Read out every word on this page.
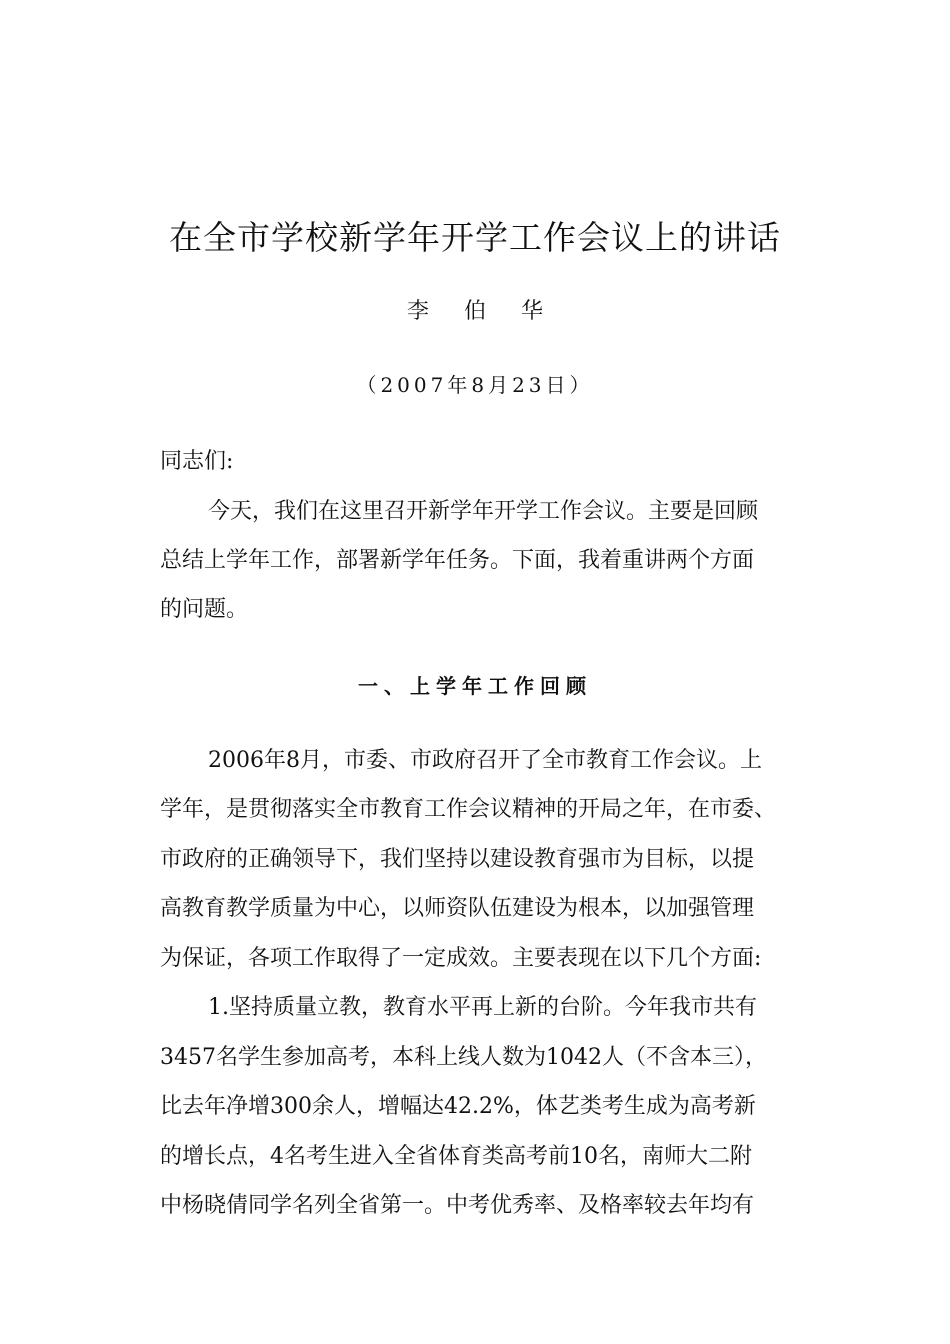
在全市学校新学年开学工作会议上的讲话
李 伯 华
（2007年8月23日）
同志们:
今天，我们在这里召开新学年开学工作会议。主要是回顾
总结上学年工作，部署新学年任务。下面，我着重讲两个方面
的问题。
一、上学年工作回顾
2006年8月，市委、市政府召开了全市教育工作会议。上
学年，是贯彻落实全市教育工作会议精神的开局之年，在市委、
市政府的正确领导下，我们坚持以建设教育强市为目标，以提
高教育教学质量为中心，以师资队伍建设为根本，以加强管理
为保证，各项工作取得了一定成效。主要表现在以下几个方面:
1.坚持质量立教，教育水平再上新的台阶。今年我市共有
3457名学生参加高考，本科上线人数为1042人（不含本三），
比去年净增300余人，增幅达42.2%，体艺类考生成为高考新
的增长点，4名考生进入全省体育类高考前10名，南师大二附
中杨晓倩同学名列全省第一。中考优秀率、及格率较去年均有
